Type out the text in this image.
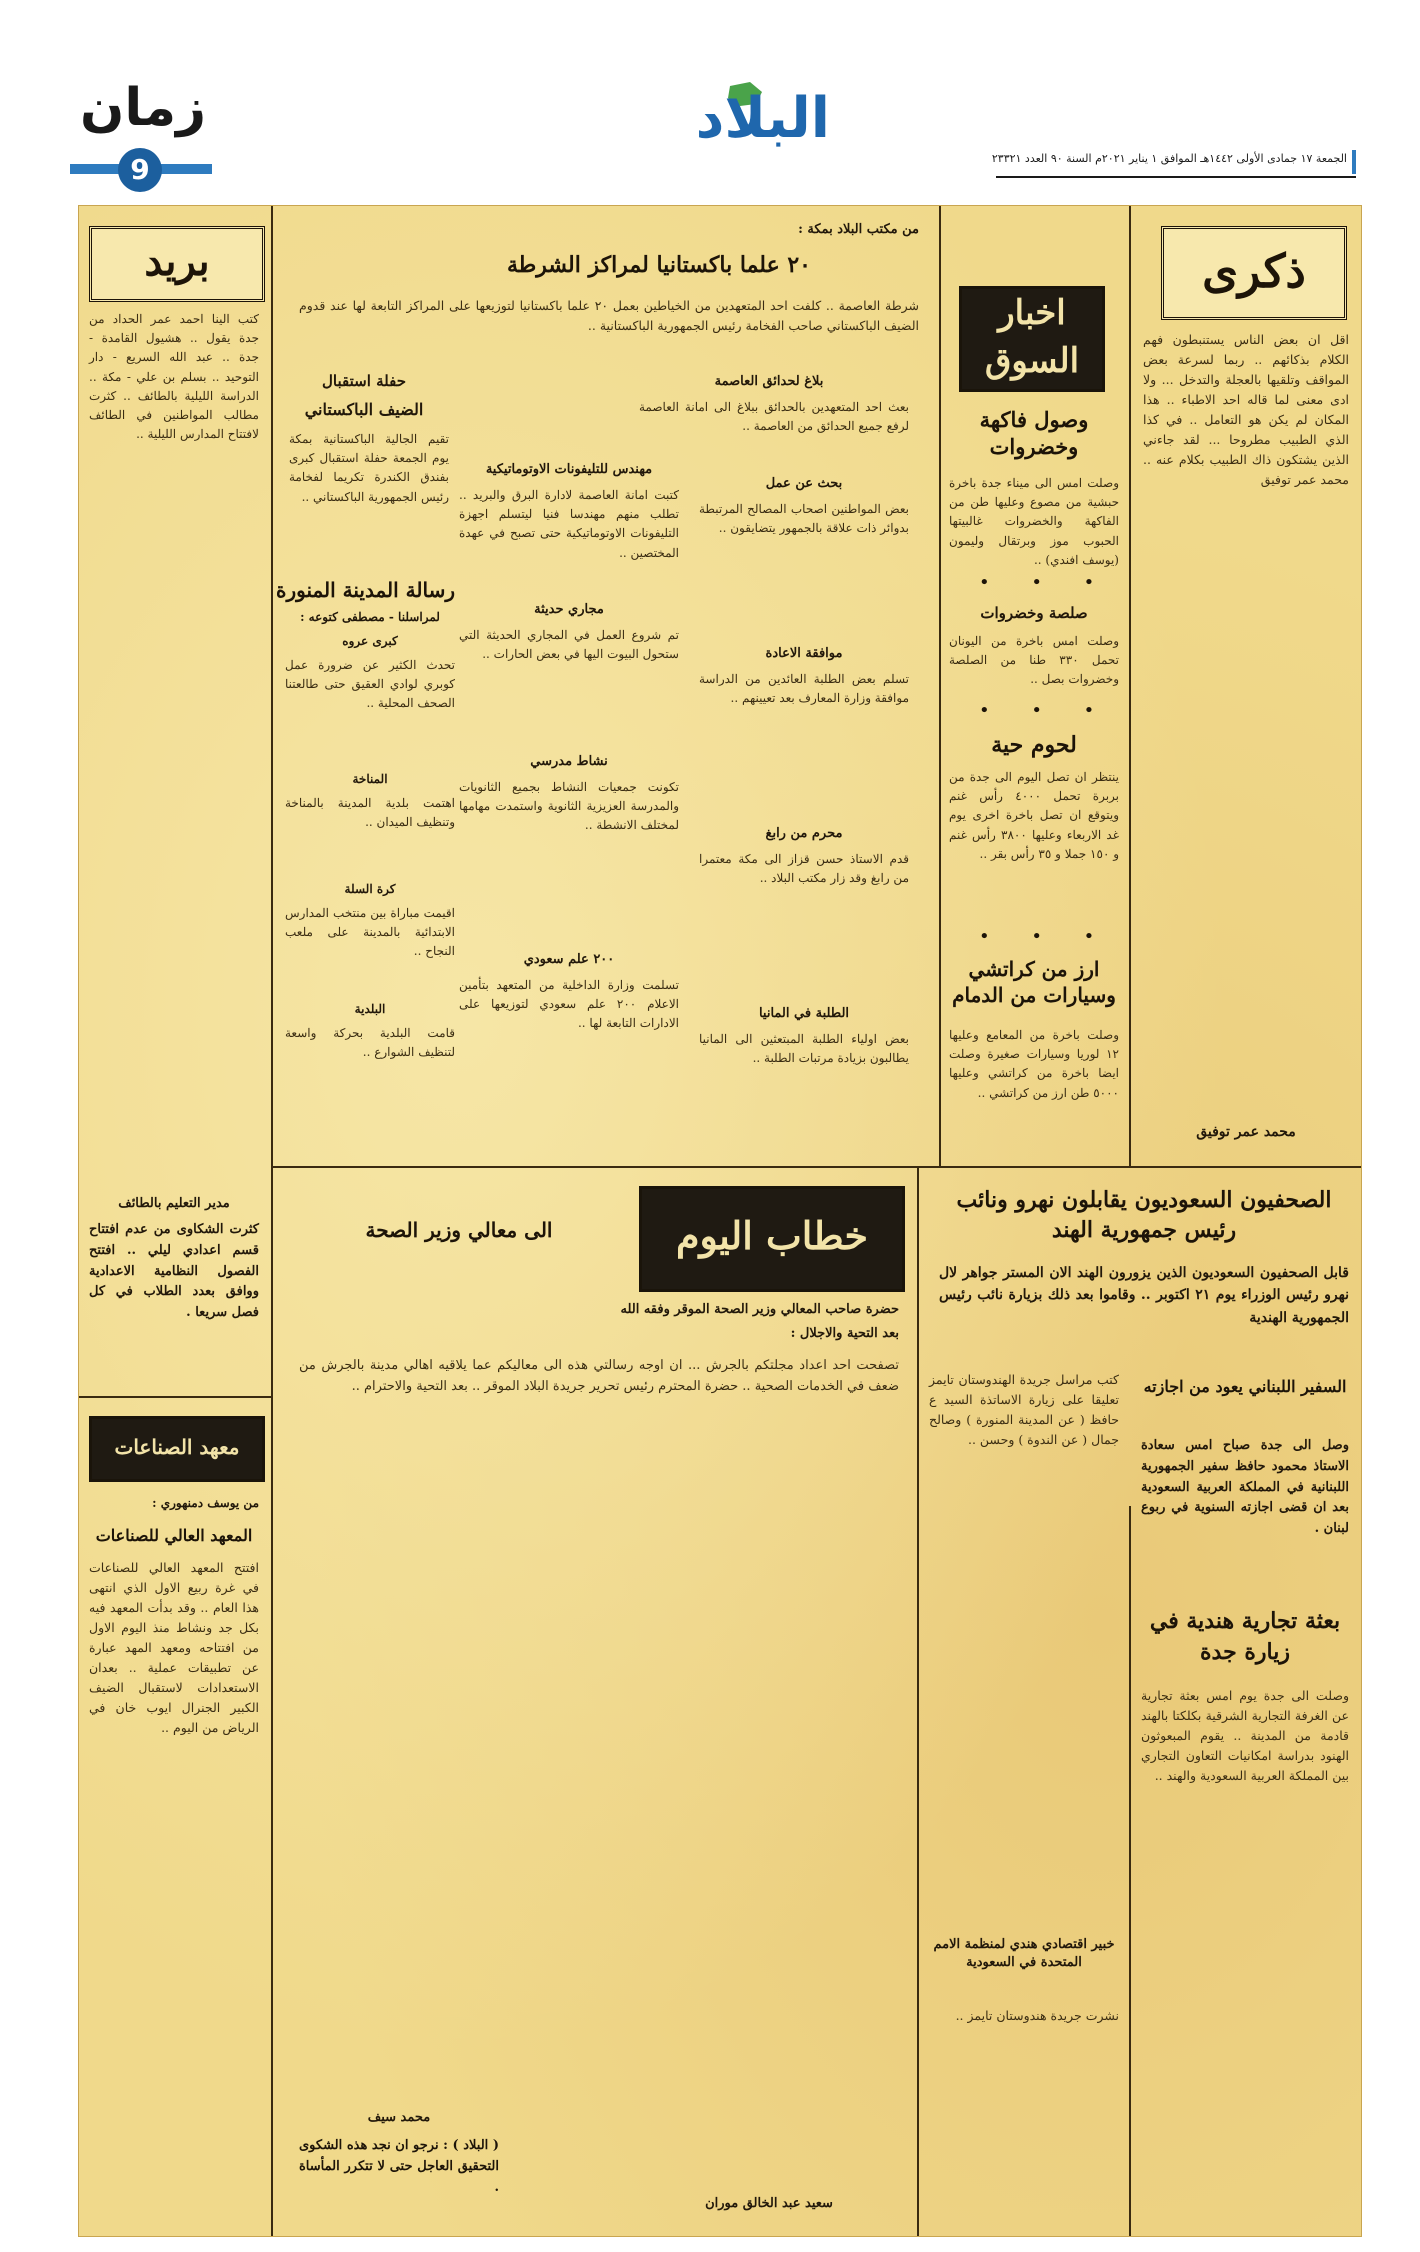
زمان
9
البلاد
الجمعة ١٧ جمادى الأولى ١٤٤٢هـ الموافق ١ يناير ٢٠٢١م السنة ٩٠ العدد ٢٣٣٢١
ذكرى
اقل ان بعض الناس يستنبطون فهم الكلام بذكائهم .. ربما لسرعة بعض المواقف وتلقيها بالعجلة والتدخل ... ولا ادى معنى لما قاله احد الاطباء .. هذا المكان لم يكن هو التعامل .. في كذا الذي الطبيب مطروحا ... لقد جاءني الذين يشتكون ذاك الطبيب بكلام عنه .. محمد عمر توفيق
محمد عمر توفيق
اخبار السوق
وصول فاكهة وخضروات
وصلت امس الى ميناء جدة باخرة حبشية من مصوع وعليها طن من الفاكهة والخضروات غالبيتها الحبوب موز وبرتقال وليمون (يوسف افندي) ..
• • •
صلصة وخضروات
وصلت امس باخرة من اليونان تحمل ٣٣٠ طنا من الصلصة وخضروات بصل ..
• • •
لحوم حية
ينتظر ان تصل اليوم الى جدة من بربرة تحمل ٤٠٠٠ رأس غنم ويتوقع ان تصل باخرة اخرى يوم غد الاربعاء وعليها ٣٨٠٠ رأس غنم و ١٥٠ جملا و ٣٥ رأس بقر ..
• • •
ارز من كراتشي وسيارات من الدمام
وصلت باخرة من المعامع وعليها ١٢ لوريا وسيارات صغيرة وصلت ايضا باخرة من كراتشي وعليها ٥٠٠٠ طن ارز من كراتشي ..
من مكتب البلاد بمكة :
٢٠ علما باكستانيا لمراكز الشرطة
شرطة العاصمة .. كلفت احد المتعهدين من الخياطين بعمل ٢٠ علما باكستانيا لتوزيعها على المراكز التابعة لها عند قدوم الضيف الباكستاني صاحب الفخامة رئيس الجمهورية الباكستانية ..
حفلة استقبال
الضيف الباكستاني
تقيم الجالية الباكستانية بمكة يوم الجمعة حفلة استقبال كبرى بفندق الكندرة تكريما لفخامة رئيس الجمهورية الباكستاني ..
بلاغ لحدائق العاصمة
بعث احد المتعهدين بالحدائق ببلاغ الى امانة العاصمة لرفع جميع الحدائق من العاصمة ..
مهندس للتليفونات الاوتوماتيكية
كتبت امانة العاصمة لادارة البرق والبريد .. تطلب منهم مهندسا فنيا ليتسلم اجهزة التليفونات الاوتوماتيكية حتى تصبح في عهدة المختصين ..
بحث عن عمل
بعض المواطنين اصحاب المصالح المرتبطة بدوائر ذات علاقة بالجمهور يتضايقون ..
مجاري حديثة
تم شروع العمل في المجاري الحديثة التي ستحول البيوت اليها في بعض الحارات ..	موافقة الاعادة
تسلم بعض الطلبة العائدين من الدراسة موافقة وزارة المعارف بعد تعيينهم ..
نشاط مدرسي
تكونت جمعيات النشاط بجميع الثانويات والمدرسة العزيزية الثانوية واستمدت مهامها لمختلف الانشطة ..
محرم من رابغ
قدم الاستاذ حسن قزاز الى مكة معتمرا من رابغ وقد زار مكتب البلاد ..
٢٠٠ علم سعودي
تسلمت وزارة الداخلية من المتعهد بتأمين الاعلام ٢٠٠ علم سعودي لتوزيعها على الادارات التابعة لها ..
الطلبة في المانيا
بعض اولياء الطلبة المبتعثين الى المانيا يطالبون بزيادة مرتبات الطلبة ..
رسالة المدينة المنورة
لمراسلنا - مصطفى كتوعه :
كبرى عروه
تحدث الكثير عن ضرورة عمل كوبري لوادي العقيق حتى طالعتنا الصحف المحلية ..
المناخة
اهتمت بلدية المدينة بالمناخة وتنظيف الميدان ..
كرة السلة
اقيمت مباراة بين منتخب المدارس الابتدائية بالمدينة على ملعب النجاح ..
البلدية
قامت البلدية بحركة واسعة لتنظيف الشوارع ..
بريد
كتب الينا احمد عمر الحداد من جدة يقول .. هشيول القامدة - جدة .. عبد الله السريع - دار التوحيد .. بسلم بن علي - مكة .. الدراسة الليلية بالطائف .. كثرت مطالب المواطنين في الطائف لافتتاح المدارس الليلية ..
مدير التعليم بالطائف
كثرت الشكاوى من عدم افتتاح قسم اعدادي ليلي .. افتتح الفصول النظامية الاعدادية ووافق بعدد الطلاب في كل فصل سريعا .
معهد الصناعات
من يوسف دمنهوري :
المعهد العالي للصناعات
افتتح المعهد العالي للصناعات في غرة ربيع الاول الذي انتهى هذا العام .. وقد بدأت المعهد فيه بكل جد ونشاط منذ اليوم الاول من افتتاحه ومعهد المهد عبارة عن تطبيقات عملية .. بعدان الاستعدادات لاستقبال الضيف الكبير الجنرال ايوب خان في الرياض من اليوم ..
خطاب اليوم
الى معالي وزير الصحة
حضرة صاحب المعالي وزير الصحة الموقر وفقه الله
بعد التحية والاجلال :
تصفحت احد اعداد مجلتكم بالجرش ... ان اوجه رسالتي هذه الى معاليكم عما يلاقيه اهالي مدينة بالجرش من ضعف في الخدمات الصحية .. حضرة المحترم رئيس تحرير جريدة البلاد الموقر .. بعد التحية والاحترام ..
محمد سيف
( البلاد ) : نرجو ان نجد هذه الشكوى التحقيق العاجل حتى لا تتكرر المأساة .
سعيد عبد الخالق موران
الصحفيون السعوديون يقابلون نهرو ونائب رئيس جمهورية الهند
قابل الصحفيون السعوديون الذين يزورون الهند الان المستر جواهر لال نهرو رئيس الوزراء يوم ٢١ اكتوبر .. وقاموا بعد ذلك بزيارة نائب رئيس الجمهورية الهندية
كتب مراسل جريدة الهندوستان تايمز تعليقا على زيارة الاساتذة السيد ع حافظ ( عن المدينة المنورة ) وصالح جمال ( عن الندوة ) وحسن ..
خبير اقتصادي هندي لمنظمة الامم المتحدة في السعودية
نشرت جريدة هندوستان تايمز ..
السفير اللبناني يعود من اجازته
وصل الى جدة صباح امس سعادة الاستاذ محمود حافظ سفير الجمهورية اللبنانية في المملكة العربية السعودية بعد ان قضى اجازته السنوية في ربوع لبنان .
بعثة تجارية هندية في زيارة جدة
وصلت الى جدة يوم امس بعثة تجارية عن الغرفة التجارية الشرقية بكلكتا بالهند قادمة من المدينة .. يقوم المبعوثون الهنود بدراسة امكانيات التعاون التجاري بين المملكة العربية السعودية والهند ..
